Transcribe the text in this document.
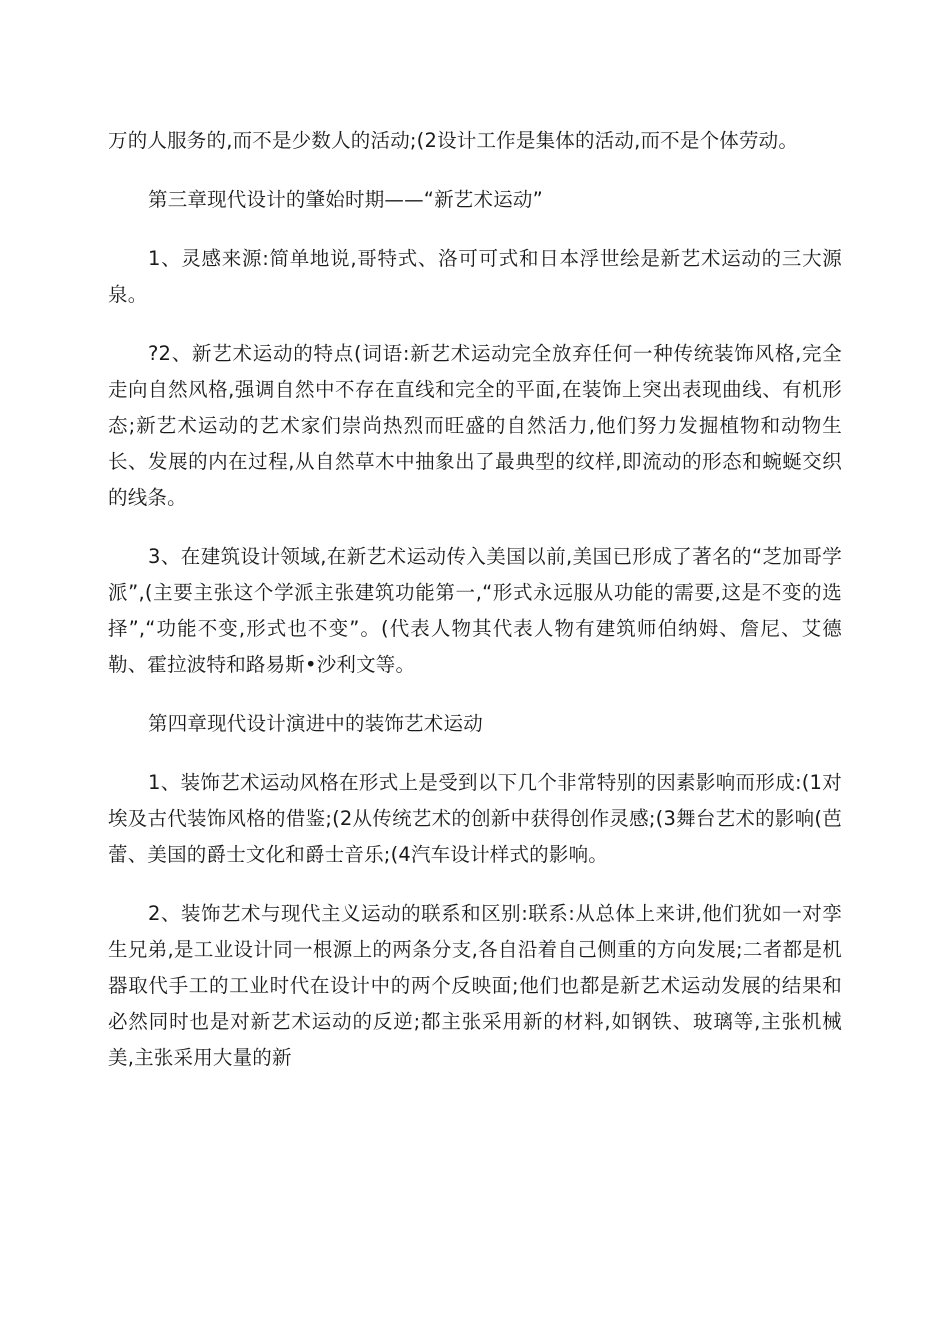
万的人服务的,而不是少数人的活动;(2设计工作是集体的活动,而不是个体劳动。

第三章现代设计的肇始时期——“新艺术运动”

1、灵感来源:简单地说,哥特式、洛可可式和日本浮世绘是新艺术运动的三大源泉。

?2、新艺术运动的特点(词语:新艺术运动完全放弃任何一种传统装饰风格,完全走向自然风格,强调自然中不存在直线和完全的平面,在装饰上突出表现曲线、有机形态;新艺术运动的艺术家们崇尚热烈而旺盛的自然活力,他们努力发掘植物和动物生长、发展的内在过程,从自然草木中抽象出了最典型的纹样,即流动的形态和蜿蜒交织的线条。

3、在建筑设计领域,在新艺术运动传入美国以前,美国已形成了著名的“芝加哥学派”,(主要主张这个学派主张建筑功能第一,“形式永远服从功能的需要,这是不变的选择”,“功能不变,形式也不变”。(代表人物其代表人物有建筑师伯纳姆、詹尼、艾德勒、霍拉波特和路易斯•沙利文等。

第四章现代设计演进中的装饰艺术运动

1、装饰艺术运动风格在形式上是受到以下几个非常特别的因素影响而形成:(1对埃及古代装饰风格的借鉴;(2从传统艺术的创新中获得创作灵感;(3舞台艺术的影响(芭蕾、美国的爵士文化和爵士音乐;(4汽车设计样式的影响。

2、装饰艺术与现代主义运动的联系和区别:联系:从总体上来讲,他们犹如一对孪生兄弟,是工业设计同一根源上的两条分支,各自沿着自己侧重的方向发展;二者都是机器取代手工的工业时代在设计中的两个反映面;他们也都是新艺术运动发展的结果和必然同时也是对新艺术运动的反逆;都主张采用新的材料,如钢铁、玻璃等,主张机械美,主张采用大量的新
